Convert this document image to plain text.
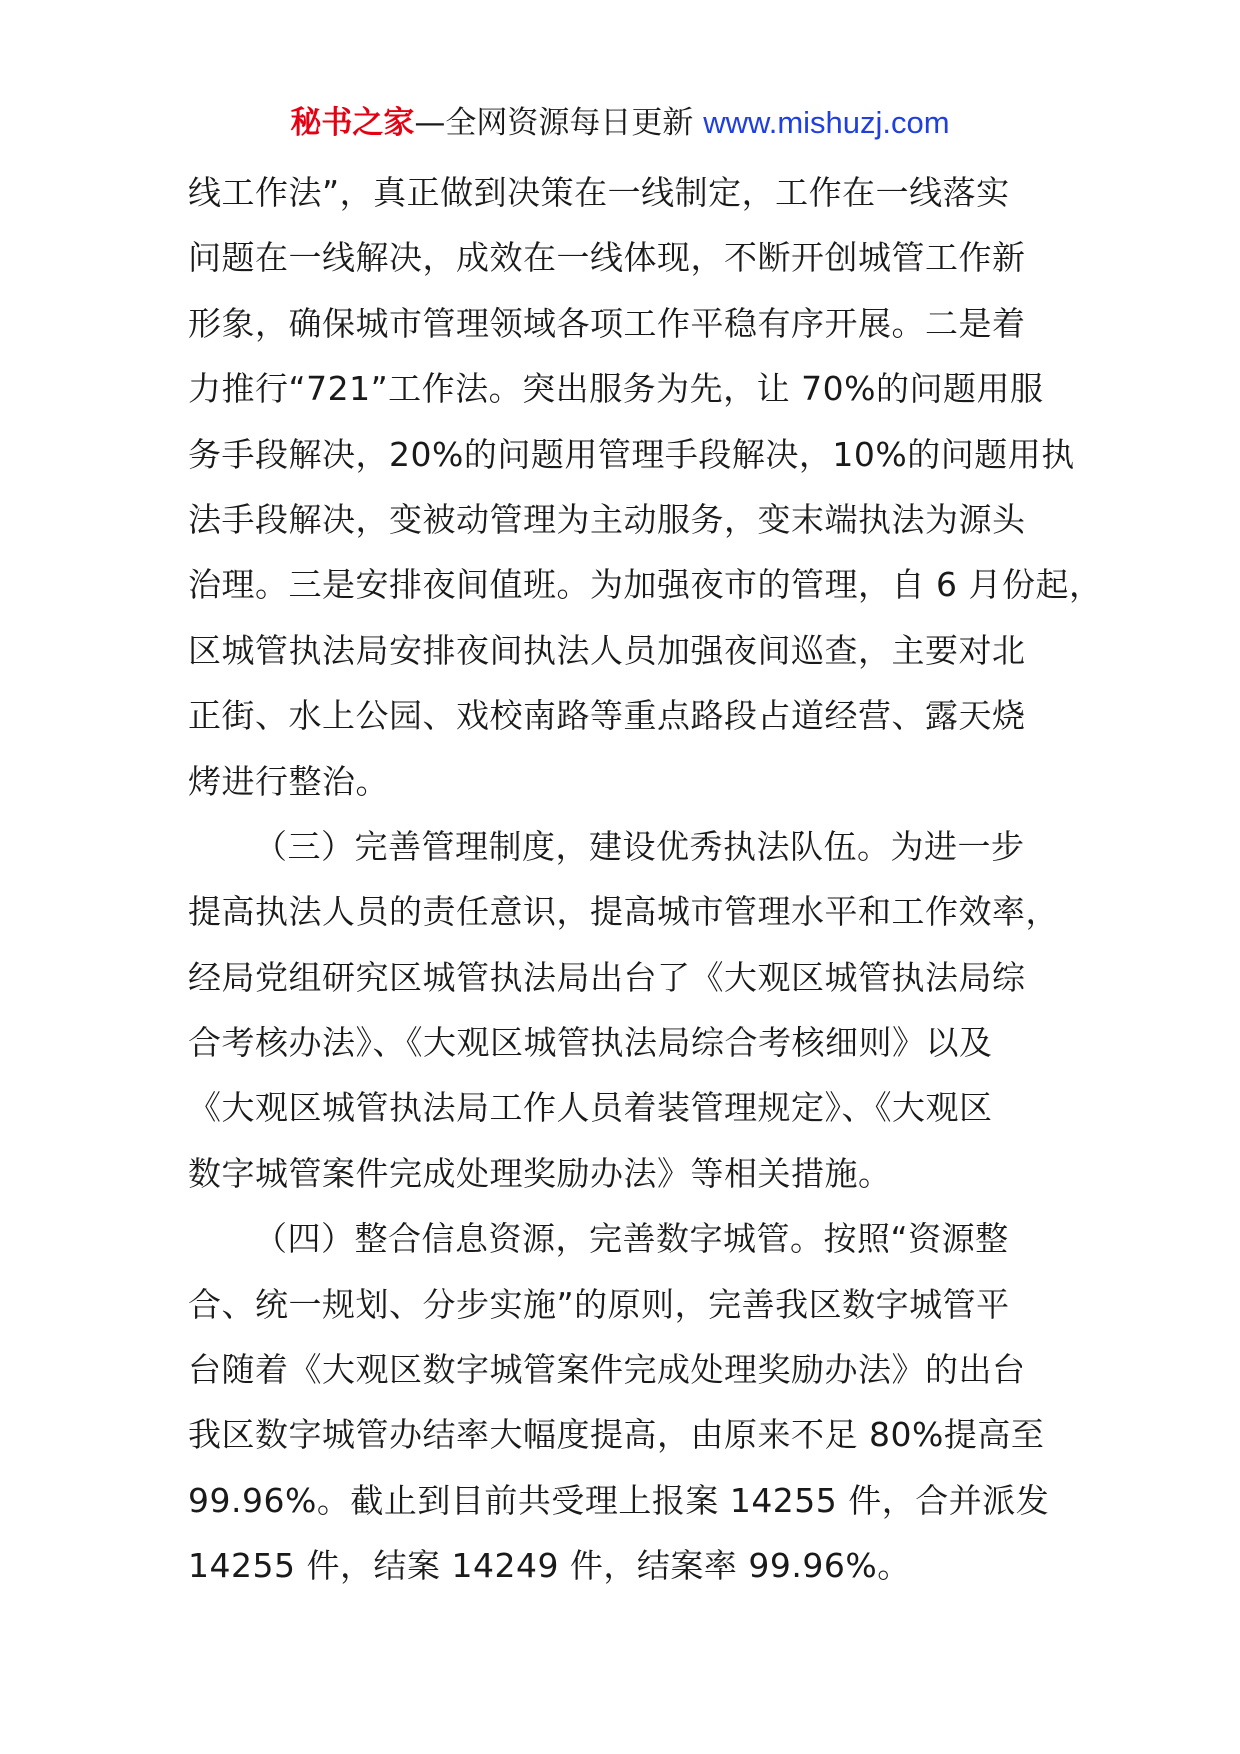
秘书之家—全网资源每日更新 www.mishuzj.com
线工作法”，真正做到决策在一线制定，工作在一线落实
问题在一线解决，成效在一线体现，不断开创城管工作新
形象，确保城市管理领域各项工作平稳有序开展。二是着
力推行“721”工作法。突出服务为先，让 70%的问题用服
务手段解决，20%的问题用管理手段解决，10%的问题用执
法手段解决，变被动管理为主动服务，变末端执法为源头
治理。三是安排夜间值班。为加强夜市的管理，自 6 月份起，
区城管执法局安排夜间执法人员加强夜间巡查，主要对北
正街、水上公园、戏校南路等重点路段占道经营、露天烧
烤进行整治。
（三）完善管理制度，建设优秀执法队伍。为进一步
提高执法人员的责任意识，提高城市管理水平和工作效率，
经局党组研究区城管执法局出台了《大观区城管执法局综
合考核办法》、《大观区城管执法局综合考核细则》以及
《大观区城管执法局工作人员着装管理规定》、《大观区
数字城管案件完成处理奖励办法》等相关措施。
（四）整合信息资源，完善数字城管。按照“资源整
合、统一规划、分步实施”的原则，完善我区数字城管平
台随着《大观区数字城管案件完成处理奖励办法》的出台
我区数字城管办结率大幅度提高，由原来不足 80%提高至
99.96%。截止到目前共受理上报案 14255 件，合并派发
14255 件，结案 14249 件，结案率 99.96%。
